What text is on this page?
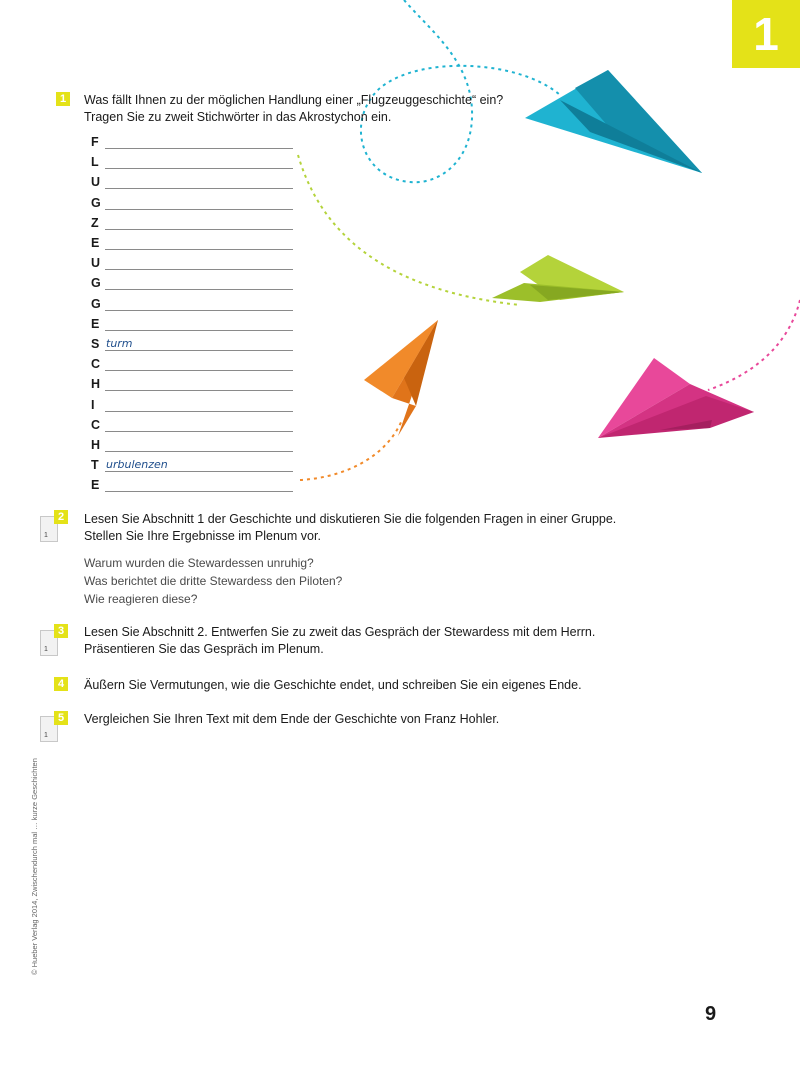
1
1	Was fällt Ihnen zu der möglichen Handlung einer „Flugzeuggeschichte“ ein?
Tragen Sie zu zweit Stichwörter in das Akrostychon ein.
F
L
U
G
Z
E
U
G
G
E
S turm
C
H
I
C
H
T urbulenzen
E
1
2	Lesen Sie Abschnitt 1 der Geschichte und diskutieren Sie die folgenden Fragen in einer Gruppe.
Stellen Sie Ihre Ergebnisse im Plenum vor.
Warum wurden die Stewardessen unruhig?
Was berichtet die dritte Stewardess den Piloten?
Wie reagieren diese?
1
3	Lesen Sie Abschnitt 2. Entwerfen Sie zu zweit das Gespräch der Stewardess mit dem Herrn.
Präsentieren Sie das Gespräch im Plenum.
4	Äußern Sie Vermutungen, wie die Geschichte endet, und schreiben Sie ein eigenes Ende.
1
5	Vergleichen Sie Ihren Text mit dem Ende der Geschichte von Franz Hohler.
© Hueber Verlag 2014, Zwischendurch mal … kurze Geschichten
9
